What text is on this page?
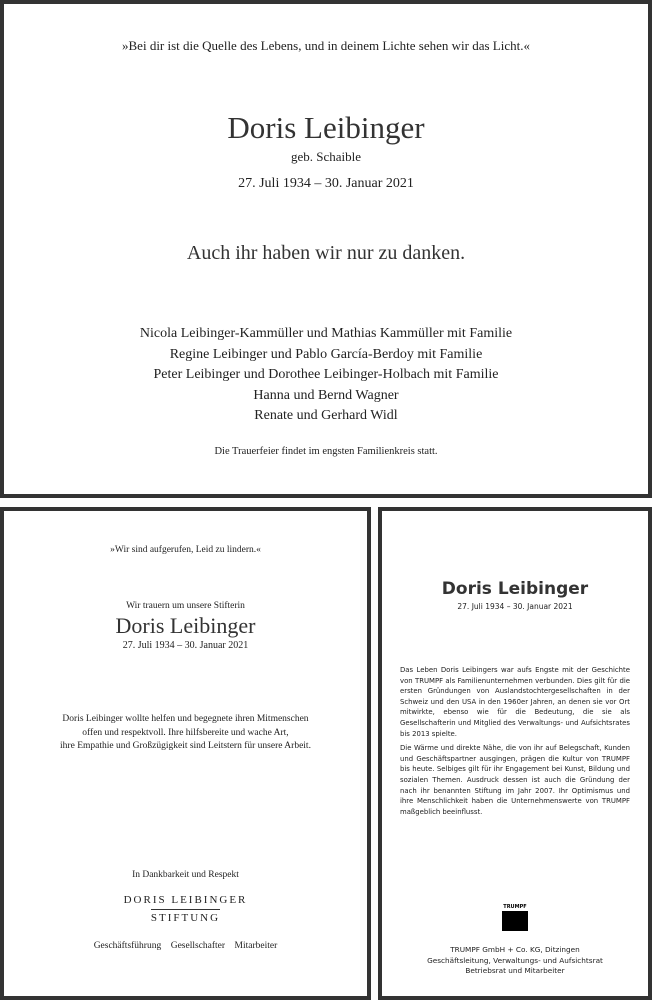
»Bei dir ist die Quelle des Lebens, und in deinem Lichte sehen wir das Licht.«
Doris Leibinger
geb. Schaible
27. Juli 1934 – 30. Januar 2021
Auch ihr haben wir nur zu danken.
Nicola Leibinger-Kammüller und Mathias Kammüller mit Familie
Regine Leibinger und Pablo García-Berdoy mit Familie
Peter Leibinger und Dorothee Leibinger-Holbach mit Familie
Hanna und Bernd Wagner
Renate und Gerhard Widl
Die Trauerfeier findet im engsten Familienkreis statt.
»Wir sind aufgerufen, Leid zu lindern.«
Wir trauern um unsere Stifterin
Doris Leibinger
27. Juli 1934 – 30. Januar 2021
Doris Leibinger wollte helfen und begegnete ihren Mitmenschen
offen und respektvoll. Ihre hilfsbereite und wache Art,
ihre Empathie und Großzügigkeit sind Leitstern für unsere Arbeit.
In Dankbarkeit und Respekt
DORIS LEIBINGER
STIFTUNG
Geschäftsführung    Gesellschafter    Mitarbeiter
Doris Leibinger
27. Juli 1934 – 30. Januar 2021

Das Leben Doris Leibingers war aufs Engste mit der Geschichte von TRUMPF als Familienunternehmen verbunden. Dies gilt für die ersten Gründungen von Auslandstochtergesellschaften in der Schweiz und den USA in den 1960er Jahren, an denen sie vor Ort mitwirkte, ebenso wie für die Bedeutung, die sie als Gesellschafterin und Mitglied des Verwaltungs- und Aufsichtsrates bis 2013 spielte.

Die Wärme und direkte Nähe, die von ihr auf Belegschaft, Kunden und Geschäftspartner ausgingen, prägen die Kultur von TRUMPF bis heute. Selbiges gilt für ihr Engagement bei Kunst, Bildung und sozialen Themen. Ausdruck dessen ist auch die Gründung der nach ihr benannten Stiftung im Jahr 2007. Ihr Optimismus und ihre Menschlichkeit haben die Unternehmenswerte von TRUMPF maßgeblich beeinflusst.

TRUMPF
TRUMPF GmbH + Co. KG, Ditzingen
Geschäftsleitung, Verwaltungs- und Aufsichtsrat
Betriebsrat und Mitarbeiter
